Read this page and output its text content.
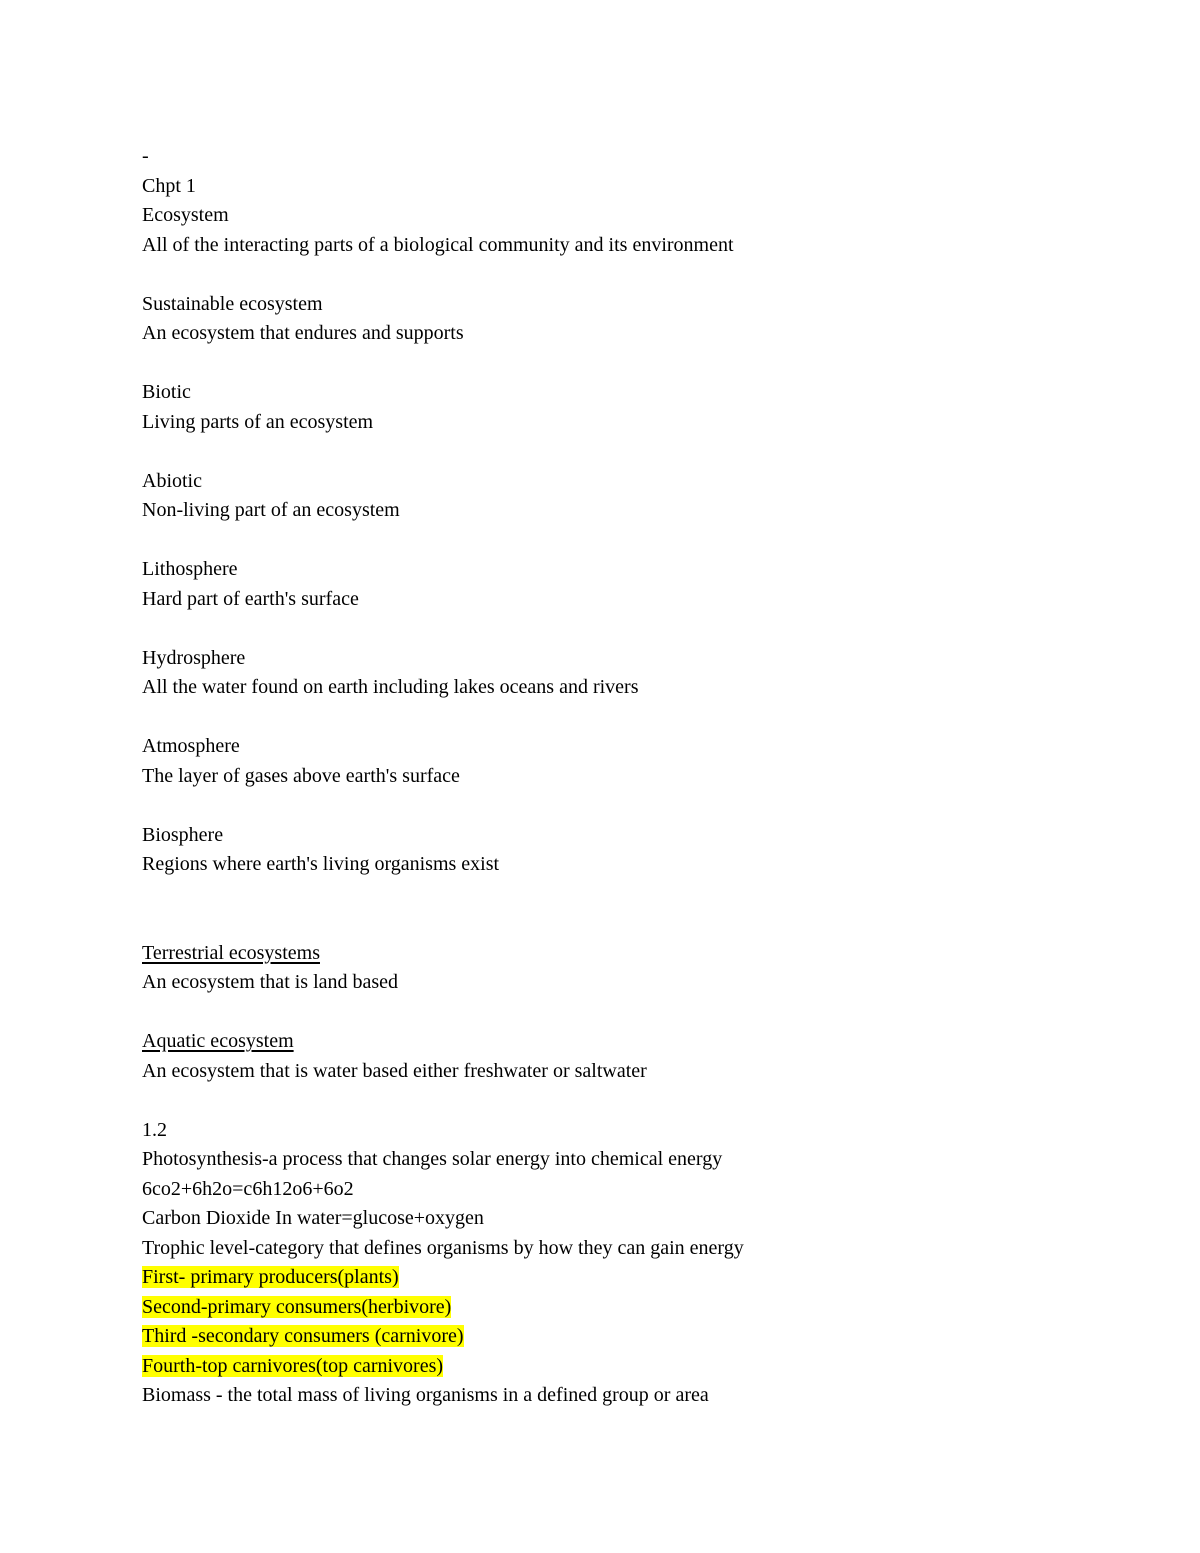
-
Chpt 1
Ecosystem
All of the interacting parts of a biological community and its environment
Sustainable ecosystem
An ecosystem that endures and supports
Biotic
Living parts of an ecosystem
Abiotic
Non-living part of an ecosystem
Lithosphere
Hard part of earth's surface
Hydrosphere
All the water found on earth including lakes oceans and rivers
Atmosphere
The layer of gases above earth's surface
Biosphere
Regions where earth's living organisms exist
Terrestrial ecosystems
An ecosystem that is land based
Aquatic ecosystem
An ecosystem that is water based either freshwater or saltwater
1.2
Photosynthesis-a process that changes solar energy into chemical energy
6co2+6h2o=c6h12o6+6o2
Carbon Dioxide In water=glucose+oxygen
Trophic level-category that defines organisms by how they can gain energy
First- primary producers(plants)
Second-primary consumers(herbivore)
Third -secondary consumers (carnivore)
Fourth-top carnivores(top carnivores)
Biomass - the total mass of living organisms in a defined group or area
